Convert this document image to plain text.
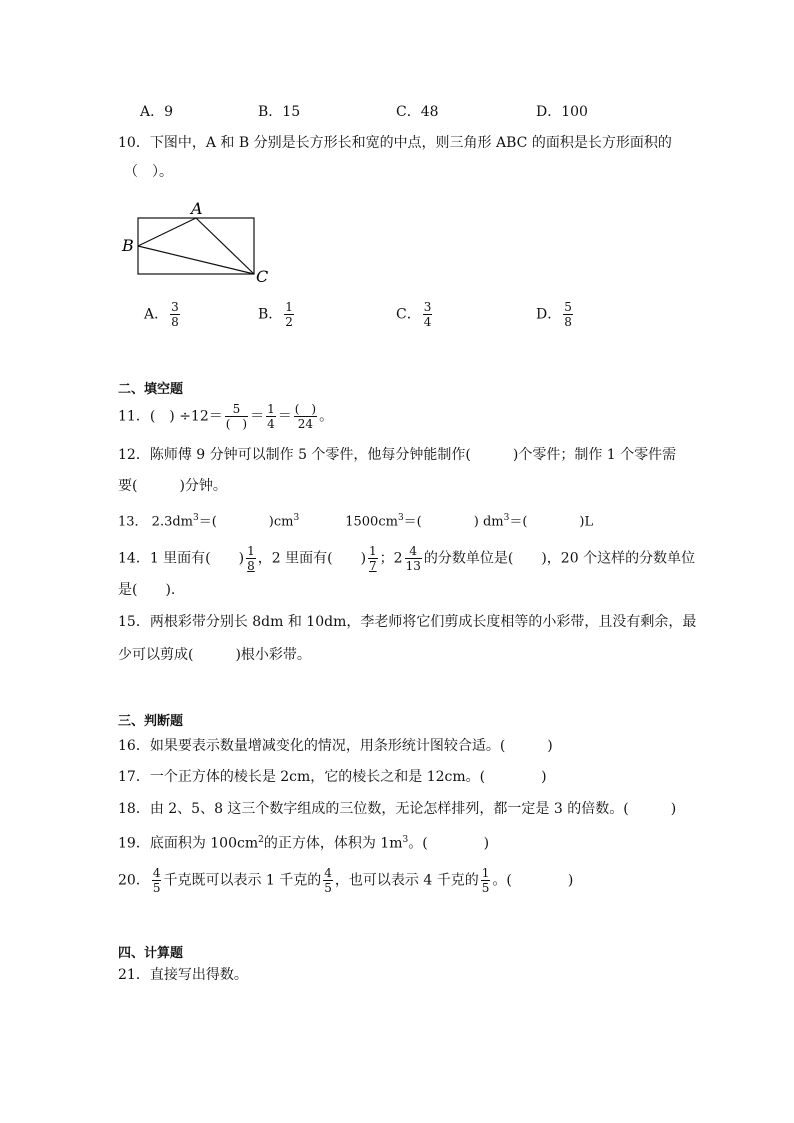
A．9	B．15	C．48	D．100
10．下图中，A 和 B 分别是长方形长和宽的中点，则三角形 ABC 的面积是长方形面积的
（　）。
A
B
C
A． $\frac{3}{8}$	B． $\frac{1}{2}$	C． $\frac{3}{4}$	D． $\frac{5}{8}$
二、填空题
11．(　) $\div 12= \frac{5}{( )} = \frac{1}{4} = \frac{( )}{24}$ 。
12．陈师傅 9 分钟可以制作 5 个零件，他每分钟能制作(　　　)个零件；制作 1 个零件需
要(　　　)分钟。
13． $2.3dm^3=$(　　　　)$cm^3$	$1500cm^3=$(　　　　) $dm^3=$(　　　　)L
14．1 里面有(　　) $\frac{1}{8}$ ，2 里面有(　　) $\frac{1}{7}$ ；$2 \frac{4}{13}$ 的分数单位是(　　)，20 个这样的分数单位
是(　　).
15．两根彩带分别长 8dm 和 10dm，李老师将它们剪成长度相等的小彩带，且没有剩余，最
少可以剪成(　　　)根小彩带。
三、判断题
16．如果要表示数量增减变化的情况，用条形统计图较合适。(　　　)
17．一个正方体的棱长是 2cm，它的棱长之和是 12cm。(　　　　)
18．由 2、5、8 这三个数字组成的三位数，无论怎样排列，都一定是 3 的倍数。(　　　)
19．底面积为 $100cm^2$的正方体，体积为 $1m^3$。(　　　　)
20． $\frac{4}{5}$ 千克既可以表示 1 千克的 $\frac{4}{5}$ ，也可以表示 4 千克的 $\frac{1}{5}$ 。(　　　　)
四、计算题
21．直接写出得数。
